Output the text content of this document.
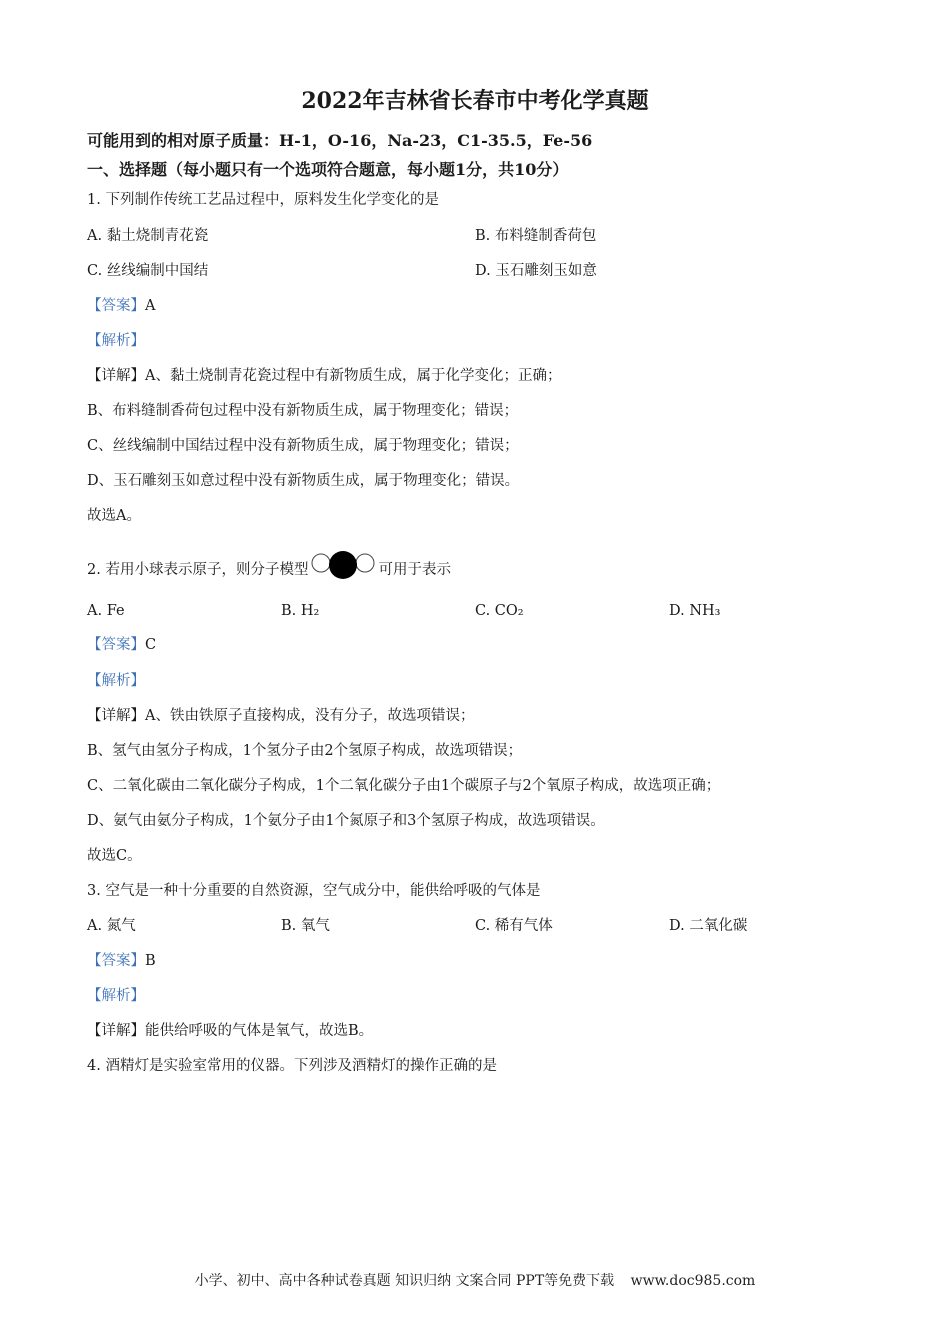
2022年吉林省长春市中考化学真题
可能用到的相对原子质量：H-1，O-16，Na-23，C1-35.5，Fe-56
一、选择题（每小题只有一个选项符合题意，每小题1分，共10分）
1. 下列制作传统工艺品过程中，原料发生化学变化的是
A. 黏土烧制青花瓷	B. 布料缝制香荷包
C. 丝线编制中国结	D. 玉石雕刻玉如意
【答案】A
【解析】
【详解】A、黏土烧制青花瓷过程中有新物质生成，属于化学变化；正确；
B、布料缝制香荷包过程中没有新物质生成，属于物理变化；错误；
C、丝线编制中国结过程中没有新物质生成，属于物理变化；错误；
D、玉石雕刻玉如意过程中没有新物质生成，属于物理变化；错误。
故选A。
2. 若用小球表示原子，则分子模型	可用于表示
A. Fe	B. H₂	C. CO₂	D. NH₃
【答案】C
【解析】
【详解】A、铁由铁原子直接构成，没有分子，故选项错误；
B、氢气由氢分子构成，1个氢分子由2个氢原子构成，故选项错误；
C、二氧化碳由二氧化碳分子构成，1个二氧化碳分子由1个碳原子与2个氧原子构成，故选项正确；
D、氨气由氨分子构成，1个氨分子由1个氮原子和3个氢原子构成，故选项错误。
故选C。
3. 空气是一种十分重要的自然资源，空气成分中，能供给呼吸的气体是
A. 氮气	B. 氧气	C. 稀有气体	D. 二氧化碳
【答案】B
【解析】
【详解】能供给呼吸的气体是氧气，故选B。
4. 酒精灯是实验室常用的仪器。下列涉及酒精灯的操作正确的是
小学、初中、高中各种试卷真题 知识归纳 文案合同 PPT等免费下载 www.doc985.com
